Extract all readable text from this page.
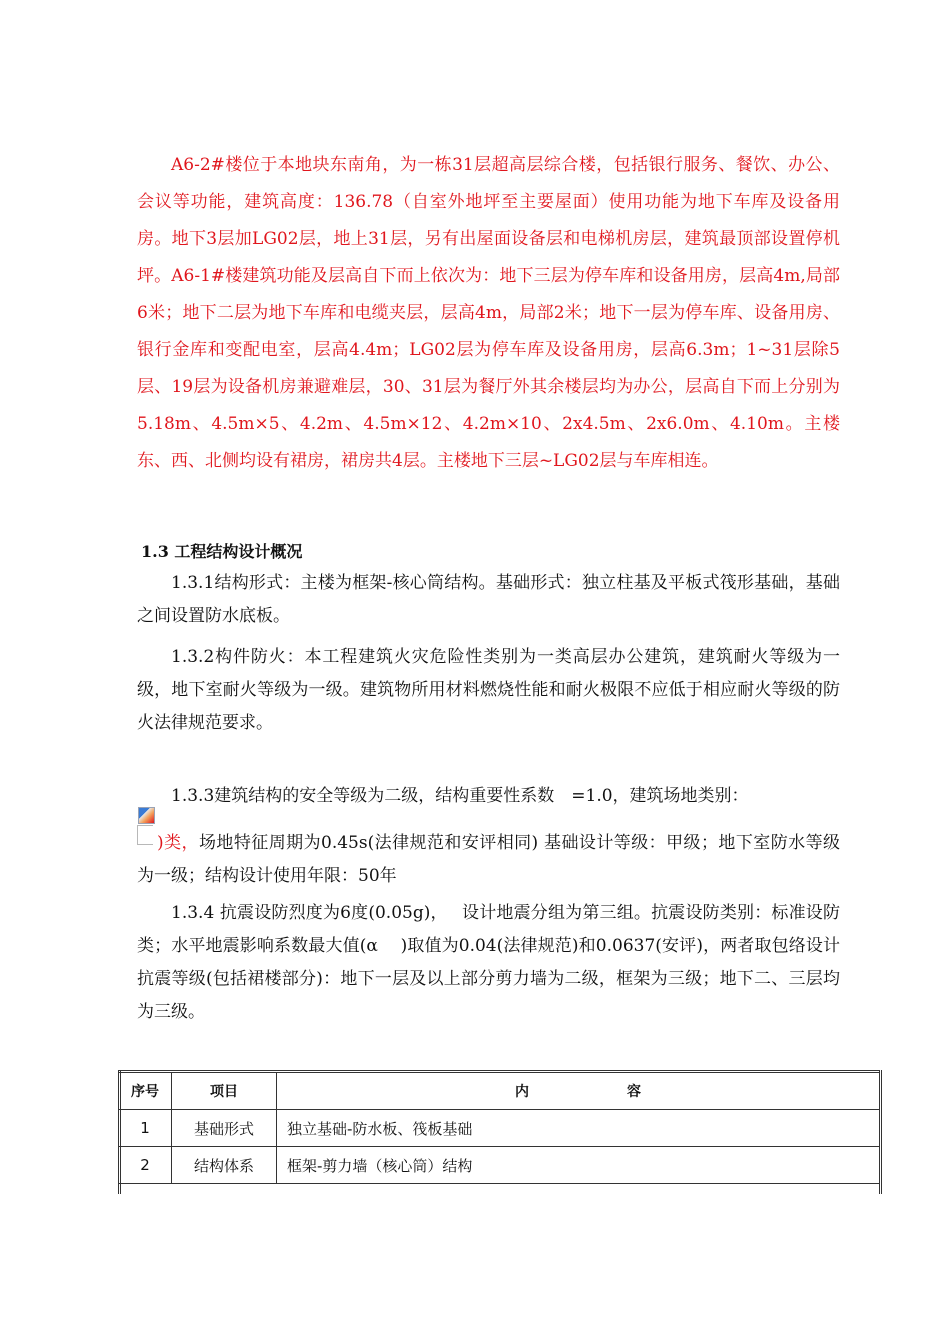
A6-2#楼位于本地块东南角，为一栋31层超高层综合楼，包括银行服务、餐饮、办公、会议等功能，建筑高度：136.78（自室外地坪至主要屋面）使用功能为地下车库及设备用房。地下3层加LG02层，地上31层，另有出屋面设备层和电梯机房层，建筑最顶部设置停机坪。A6-1#楼建筑功能及层高自下而上依次为：地下三层为停车库和设备用房，层高4m,局部6米；地下二层为地下车库和电缆夹层，层高4m，局部2米；地下一层为停车库、设备用房、银行金库和变配电室，层高4.4m；LG02层为停车库及设备用房，层高6.3m；1~31层除5层、19层为设备机房兼避难层，30、31层为餐厅外其余楼层均为办公，层高自下而上分别为5.18m、4.5m×5、4.2m、4.5m×12、4.2m×10、2x4.5m、2x6.0m、4.10m。主楼东、西、北侧均设有裙房，裙房共4层。主楼地下三层~LG02层与车库相连。

1.3 工程结构设计概况

1.3.1结构形式：主楼为框架-核心筒结构。基础形式：独立柱基及平板式筏形基础，基础之间设置防水底板。

1.3.2构件防火：本工程建筑火灾危险性类别为一类高层办公建筑，建筑耐火等级为一级，地下室耐火等级为一级。建筑物所用材料燃烧性能和耐火极限不应低于相应耐火等级的防火法律规范要求。

1.3.3建筑结构的安全等级为二级，结构重要性系数　=1.0，建筑场地类别：

)类，场地特征周期为0.45s(法律规范和安评相同) 基础设计等级：甲级；地下室防水等级为一级；结构设计使用年限：50年

1.3.4 抗震设防烈度为6度(0.05g)，　 设计地震分组为第三组。抗震设防类别：标准设防类；水平地震影响系数最大值(α　 )取值为0.04(法律规范)和0.0637(安评)，两者取包络设计抗震等级(包括裙楼部分)：地下一层及以上部分剪力墙为二级，框架为三级；地下二、三层均为三级。

序号	项目	内 容
1	基础形式	独立基础-防水板、筏板基础
2	结构体系	框架-剪力墙（核心筒）结构
